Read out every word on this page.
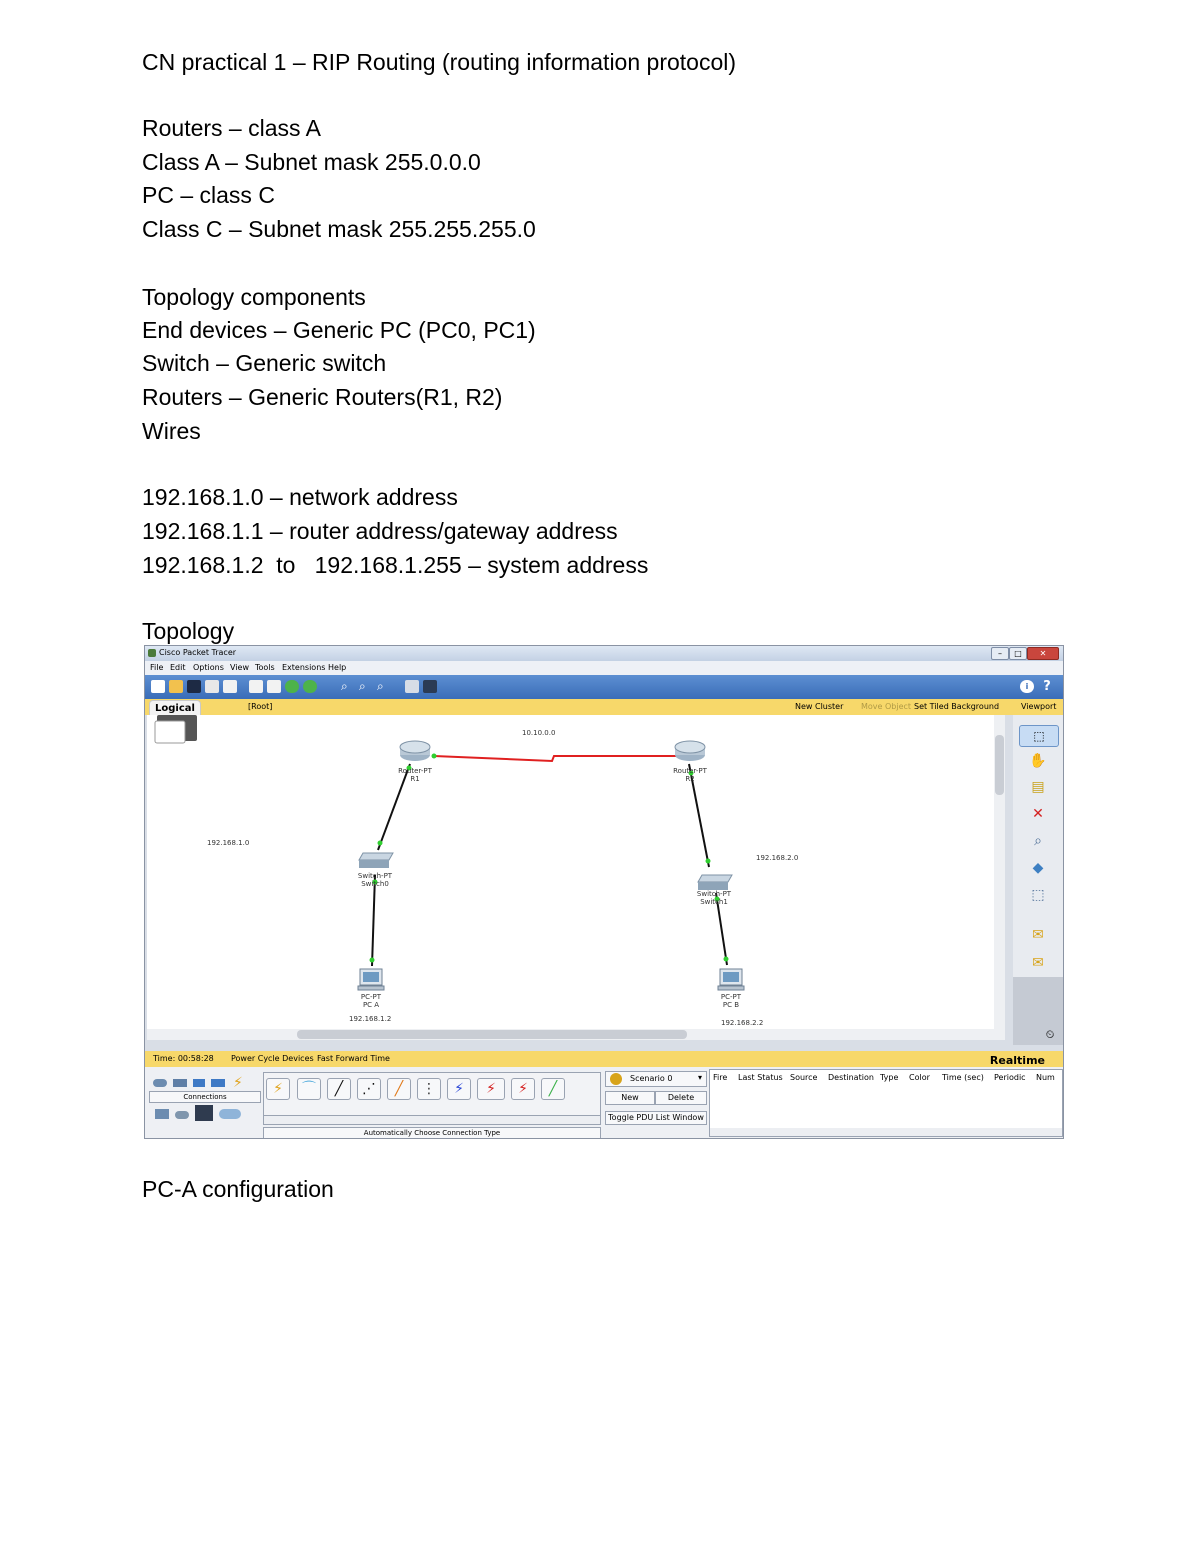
CN practical 1 – RIP Routing (routing information protocol)
Routers – class A
Class A – Subnet mask 255.0.0.0
PC – class C
Class C – Subnet mask 255.255.255.0
Topology components
End devices – Generic PC (PC0, PC1)
Switch – Generic switch
Routers – Generic Routers(R1, R2)
Wires
192.168.1.0 – network address
192.168.1.1 – router address/gateway address
192.168.1.2  to   192.168.1.255 – system address
Topology
Cisco Packet Tracer	–	□	✕
File Edit Options View Tools Extensions Help
⌕ ⌕ ⌕	i	?
Logical	[Root]	New Cluster Move Object Set Tiled Background	Viewport
Router-PT
R1
Router-PT
R2
Switch-PT
Switch0
Switch-PT
Switch1
PC-PT
PC A
PC-PT
PC B
10.10.0.0
192.168.1.0
192.168.2.0
192.168.1.2	192.168.2.2
⬚
✋
▤
✕
⌕
◆
⬚
✉
✉
⏲
Time: 00:58:28 Power Cycle Devices Fast Forward Time	Realtime
⚡
Connections	⚡	⌒	╱	⋰	╱	⋮	⚡	⚡	⚡	╱
Automatically Choose Connection Type
Scenario 0	▾
New	Delete
Toggle PDU List Window
Fire Last Status Source Destination Type Color Time (sec) Periodic Num
PC-A configuration
